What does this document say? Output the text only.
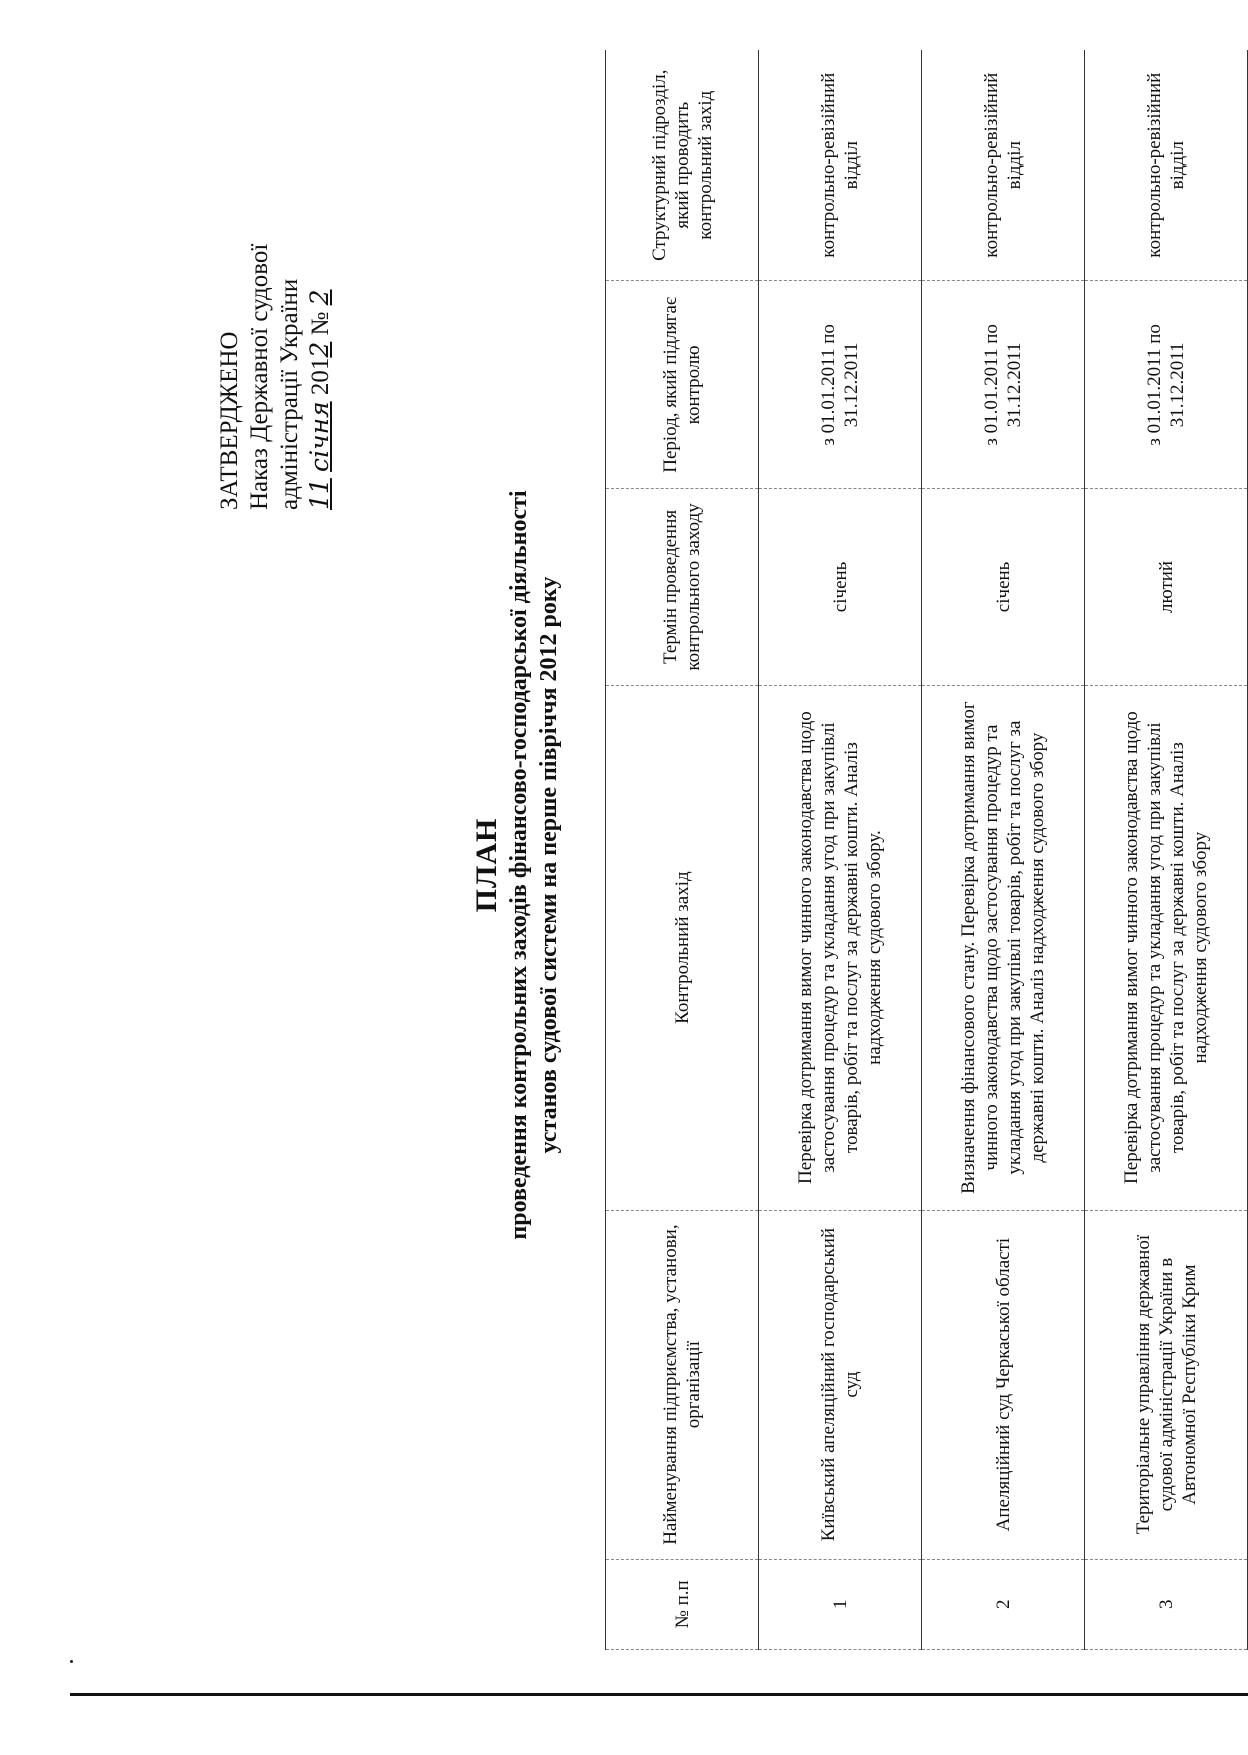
ЗАТВЕРДЖЕНО Наказ Державної судової адміністрації України 11 січня 2012 № 2
ПЛАН проведення контрольних заходів фінансово-господарської діяльності установ судової системи на перше півріччя 2012 року
№ п.п	Найменування підприємства, установи, організації	Контрольний захід	Термін проведення контрольного заходу	Період, який підлягає контролю	Структурний підрозділ, який проводить контрольний захід
1	Київський апеляційний господарський суд	Перевірка дотримання вимог чинного законодавства щодо застосування процедур та укладання угод при закупівлі товарів, робіт та послуг за державні кошти. Аналіз надходження судового збору.	січень	з 01.01.2011 по 31.12.2011	контрольно-ревізійний відділ
2	Апеляційний суд Черкаської області	Визначення фінансового стану. Перевірка дотримання вимог чинного законодавства щодо застосування процедур та укладання угод при закупівлі товарів, робіт та послуг за державні кошти. Аналіз надходження судового збору	січень	з 01.01.2011 по 31.12.2011	контрольно-ревізійний відділ
3	Територіальне управління державної судової адміністрації України в Автономної Республіки Крим	Перевірка дотримання вимог чинного законодавства щодо застосування процедур та укладання угод при закупівлі товарів, робіт та послуг за державні кошти. Аналіз надходження судового збору	лютий	з 01.01.2011 по 31.12.2011	контрольно-ревізійний відділ
